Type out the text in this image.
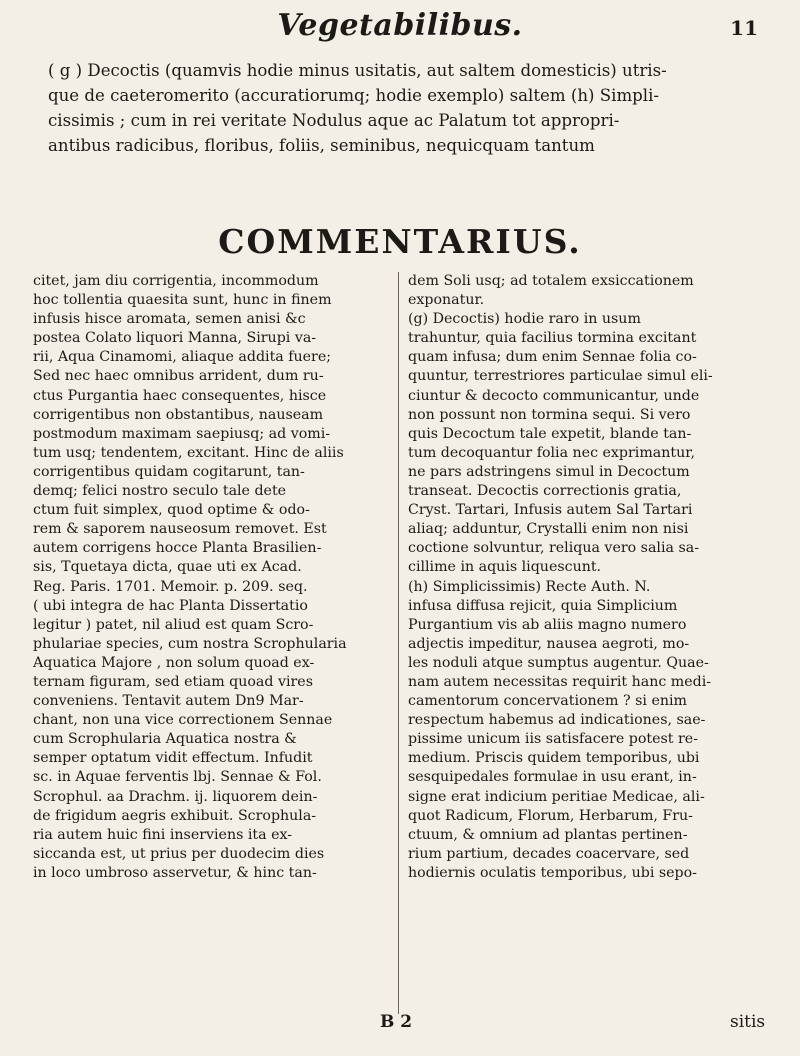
Vegetabilibus.	11
( g ) Decoctis (quamvis hodie minus usitatis, aut saltem domesticis) utris-
que de caeteromerito (accuratiorumq; hodie exemplo) saltem (h) Simpli-
cissimis ; cum in rei veritate Nodulus aque ac Palatum tot appropri-
antibus radicibus, floribus, foliis, seminibus, nequicquam tantum
COMMENTARIUS.
citet, jam diu corrigentia, incommodum
hoc tollentia quaesita sunt, hunc in finem
infusis hisce aromata, semen anisi &c
postea Colato liquori Manna, Sirupi va-
rii, Aqua Cinamomi, aliaque addita fuere;
Sed nec haec omnibus arrident, dum ru-
ctus Purgantia haec consequentes, hisce
corrigentibus non obstantibus, nauseam
postmodum maximam saepiusq; ad vomi-
tum usq; tendentem, excitant. Hinc de aliis
corrigentibus quidam cogitarunt, tan-
demq; felici nostro seculo tale dete
ctum fuit simplex, quod optime & odo-
rem & saporem nauseosum removet. Est
autem corrigens hocce Planta Brasilien-
sis, Tquetaya dicta, quae uti ex Acad.
Reg. Paris. 1701. Memoir. p. 209. seq.
( ubi integra de hac Planta Dissertatio
legitur ) patet, nil aliud est quam Scro-
phulariae species, cum nostra Scrophularia
Aquatica Majore , non solum quoad ex-
ternam figuram, sed etiam quoad vires
conveniens. Tentavit autem Dn9 Mar-
chant, non una vice correctionem Sennae
cum Scrophularia Aquatica nostra &
semper optatum vidit effectum. Infudit
sc. in Aquae ferventis lbj. Sennae & Fol.
Scrophul. aa Drachm. ij. liquorem dein-
de frigidum aegris exhibuit. Scrophula-
ria autem huic fini inserviens ita ex-
siccanda est, ut prius per duodecim dies
in loco umbroso asservetur, & hinc tan-
dem Soli usq; ad totalem exsiccationem
exponatur.
(g) Decoctis) hodie raro in usum
trahuntur, quia facilius tormina excitant
quam infusa; dum enim Sennae folia co-
quuntur, terrestriores particulae simul eli-
ciuntur & decocto communicantur, unde
non possunt non tormina sequi. Si vero
quis Decoctum tale expetit, blande tan-
tum decoquantur folia nec exprimantur,
ne pars adstringens simul in Decoctum
transeat. Decoctis correctionis gratia,
Cryst. Tartari, Infusis autem Sal Tartari
aliaq; adduntur, Crystalli enim non nisi
coctione solvuntur, reliqua vero salia sa-
cillime in aquis liquescunt.
(h) Simplicissimis) Recte Auth. N.
infusa diffusa rejicit, quia Simplicium
Purgantium vis ab aliis magno numero
adjectis impeditur, nausea aegroti, mo-
les noduli atque sumptus augentur. Quae-
nam autem necessitas requirit hanc medi-
camentorum concervationem ? si enim
respectum habemus ad indicationes, sae-
pissime unicum iis satisfacere potest re-
medium. Priscis quidem temporibus, ubi
sesquipedales formulae in usu erant, in-
signe erat indicium peritiae Medicae, ali-
quot Radicum, Florum, Herbarum, Fru-
ctuum, & omnium ad plantas pertinen-
rium partium, decades coacervare, sed
hodiernis oculatis temporibus, ubi sepo-
B 2	sitis
